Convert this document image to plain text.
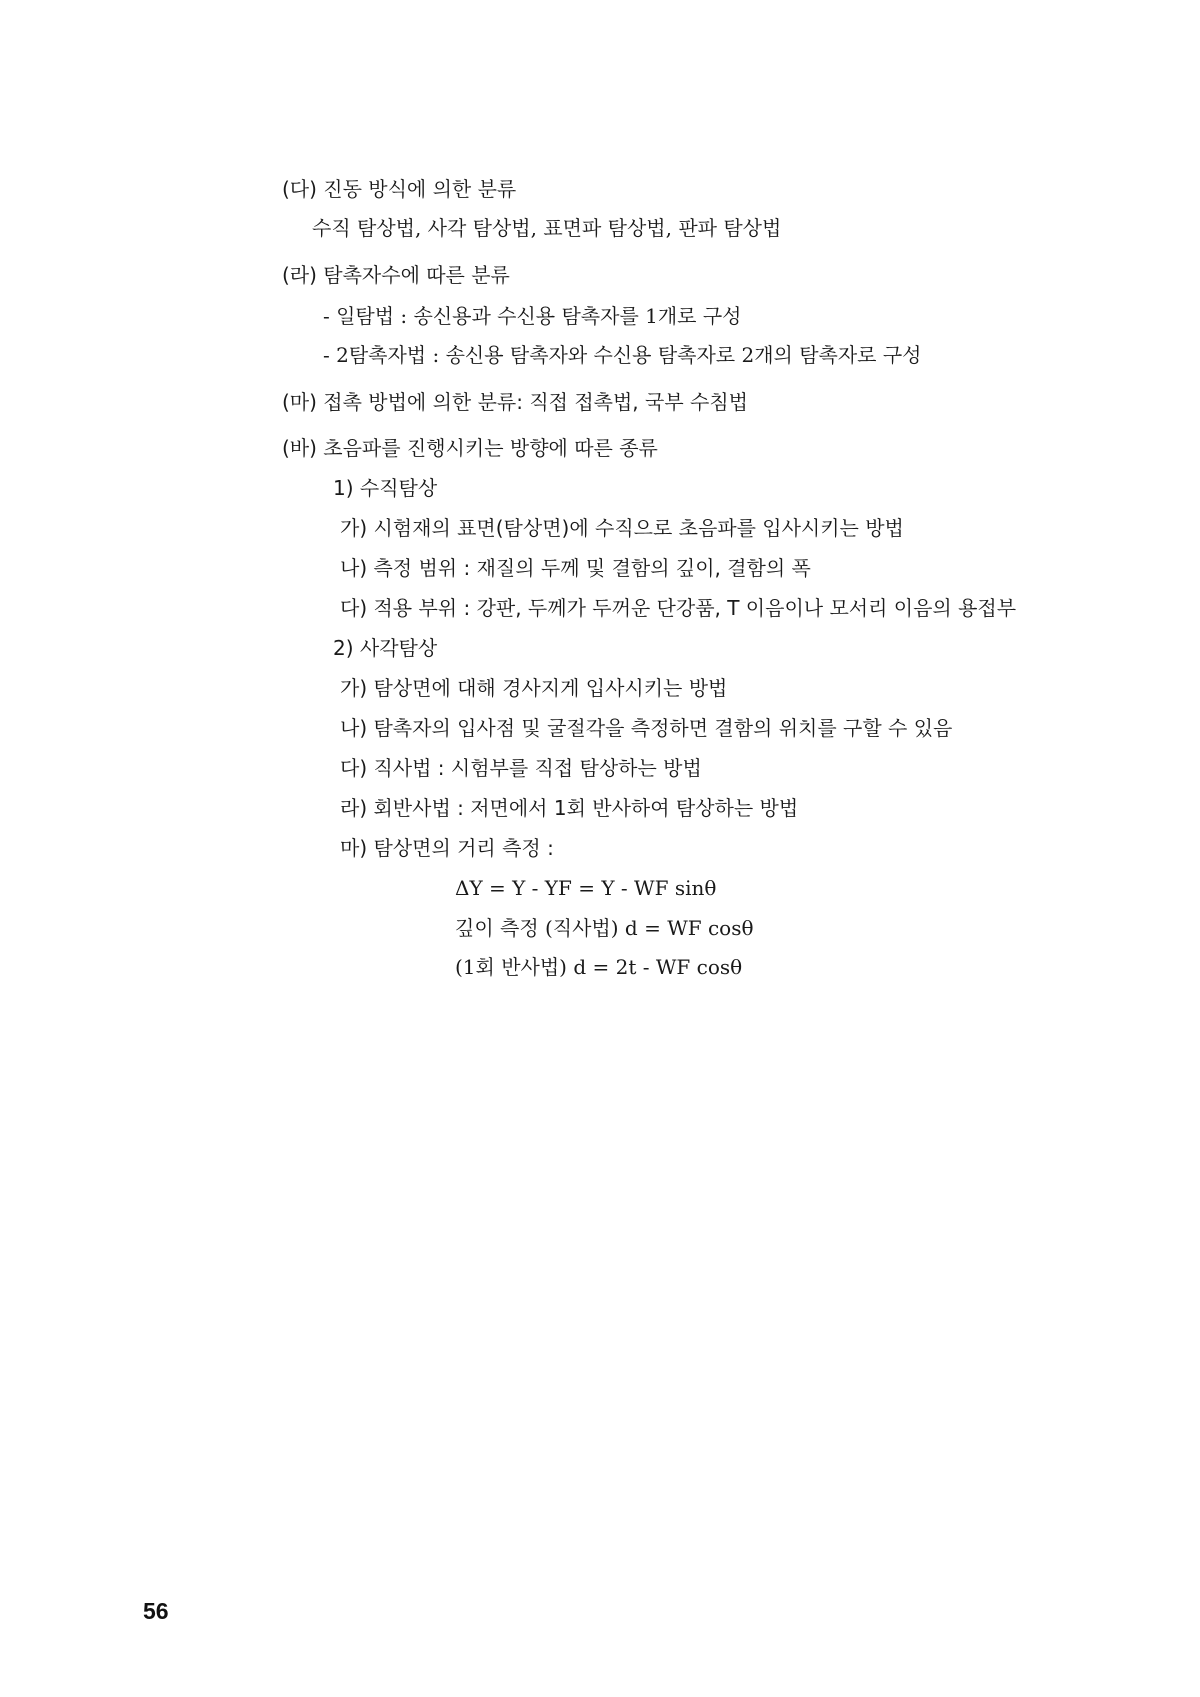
(다) 진동 방식에 의한 분류
수직 탐상법, 사각 탐상법, 표면파 탐상법, 판파 탐상법
(라) 탐촉자수에 따른 분류
- 일탐법 : 송신용과 수신용 탐촉자를 1개로 구성
- 2탐촉자법 : 송신용 탐촉자와 수신용 탐촉자로 2개의 탐촉자로 구성
(마) 접촉 방법에 의한 분류: 직접 접촉법, 국부 수침법
(바) 초음파를 진행시키는 방향에 따른 종류
1) 수직탐상
가) 시험재의 표면(탐상면)에 수직으로 초음파를 입사시키는 방법
나) 측정 범위 : 재질의 두께 및 결함의 깊이, 결함의 폭
다) 적용 부위 : 강판, 두께가 두꺼운 단강품, T 이음이나 모서리 이음의 용접부
2) 사각탐상
가) 탐상면에 대해 경사지게 입사시키는 방법
나) 탐촉자의 입사점 및 굴절각을 측정하면 결함의 위치를 구할 수 있음
다) 직사법 : 시험부를 직접 탐상하는 방법
라) 회반사법 : 저면에서 1회 반사하여 탐상하는 방법
마) 탐상면의 거리 측정 :
ΔY = Y - YF = Y - WF sinθ
깊이 측정 (직사법) d = WF cosθ
(1회 반사법) d = 2t - WF cosθ
56
